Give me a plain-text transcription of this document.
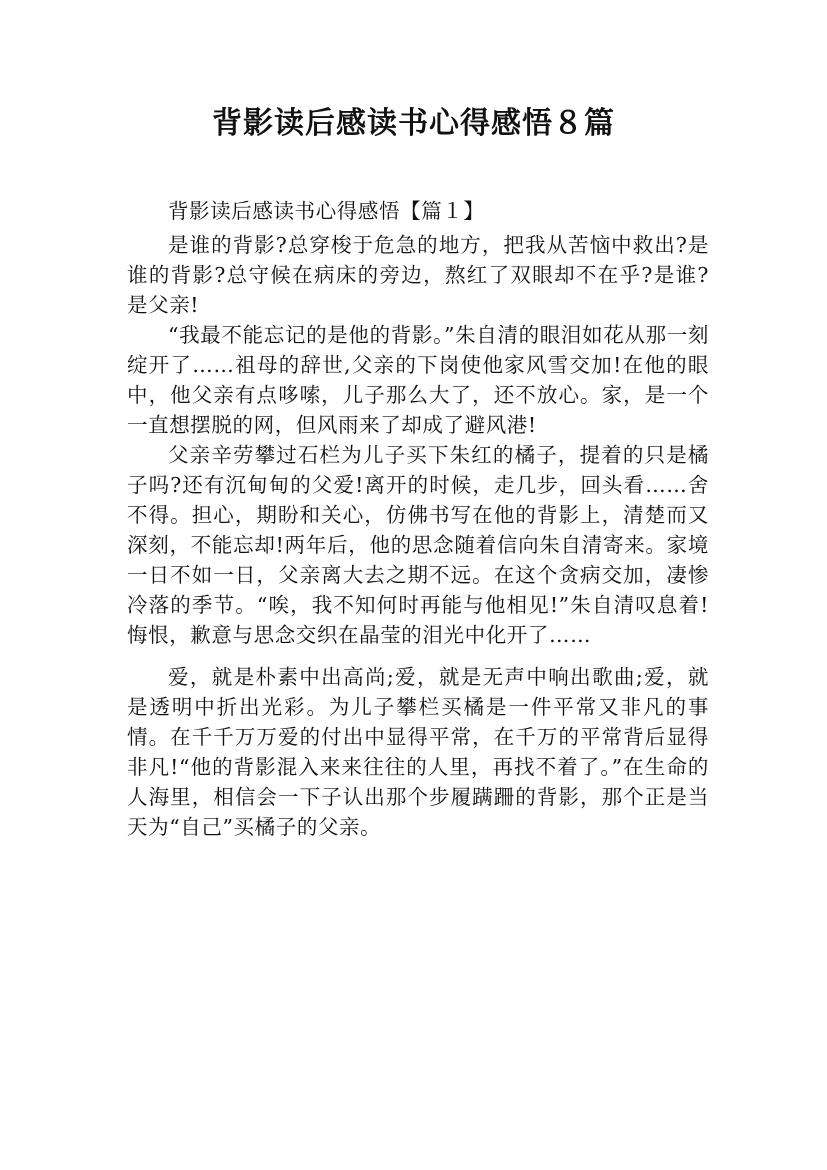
背影读后感读书心得感悟８篇

背影读后感读书心得感悟【篇１】

是谁的背影?总穿梭于危急的地方，把我从苦恼中救出?是谁的背影?总守候在病床的旁边，熬红了双眼却不在乎?是谁?是父亲!

“我最不能忘记的是他的背影。”朱自清的眼泪如花从那一刻绽开了……祖母的辞世,父亲的下岗使他家风雪交加!在他的眼中，他父亲有点哆嗦，儿子那么大了，还不放心。家，是一个一直想摆脱的网，但风雨来了却成了避风港!

父亲辛劳攀过石栏为儿子买下朱红的橘子，提着的只是橘子吗?还有沉甸甸的父爱!离开的时候，走几步，回头看……舍不得。担心，期盼和关心，仿佛书写在他的背影上，清楚而又深刻，不能忘却!两年后，他的思念随着信向朱自清寄来。家境一日不如一日，父亲离大去之期不远。在这个贪病交加，凄惨冷落的季节。“唉，我不知何时再能与他相见!”朱自清叹息着!悔恨，歉意与思念交织在晶莹的泪光中化开了……

爱，就是朴素中出高尚;爱，就是无声中响出歌曲;爱，就是透明中折出光彩。为儿子攀栏买橘是一件平常又非凡的事情。在千千万万爱的付出中显得平常，在千万的平常背后显得非凡!“他的背影混入来来往往的人里，再找不着了。”在生命的人海里，相信会一下子认出那个步履蹒跚的背影，那个正是当天为“自己”买橘子的父亲。
